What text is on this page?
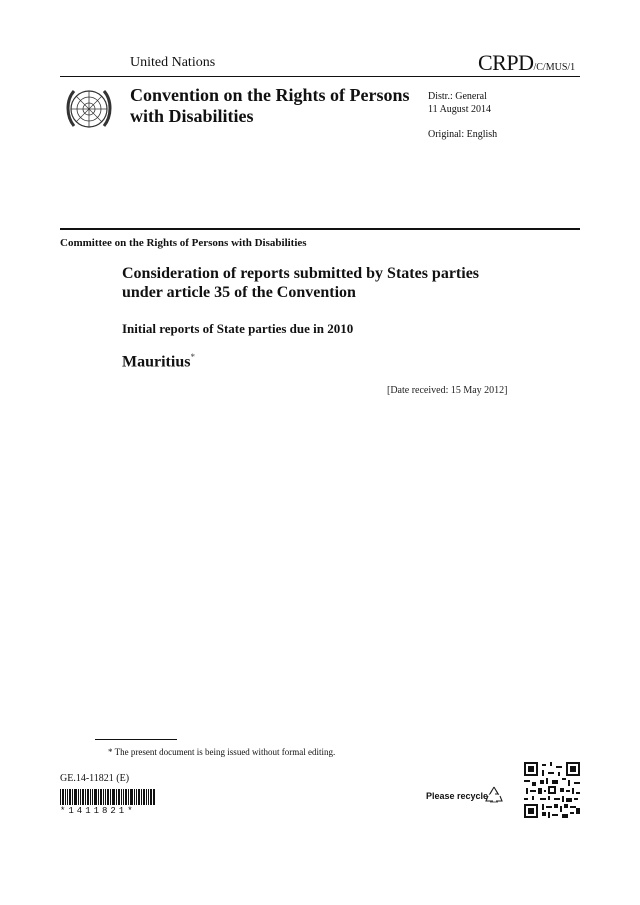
United Nations	CRPD/C/MUS/1
Convention on the Rights of Persons with Disabilities
Distr.: General
11 August 2014
Original: English
Committee on the Rights of Persons with Disabilities
Consideration of reports submitted by States parties under article 35 of the Convention
Initial reports of State parties due in 2010
Mauritius*
[Date received: 15 May 2012]
* The present document is being issued without formal editing.
GE.14-11821 (E)
*1411821*
Please recycle
